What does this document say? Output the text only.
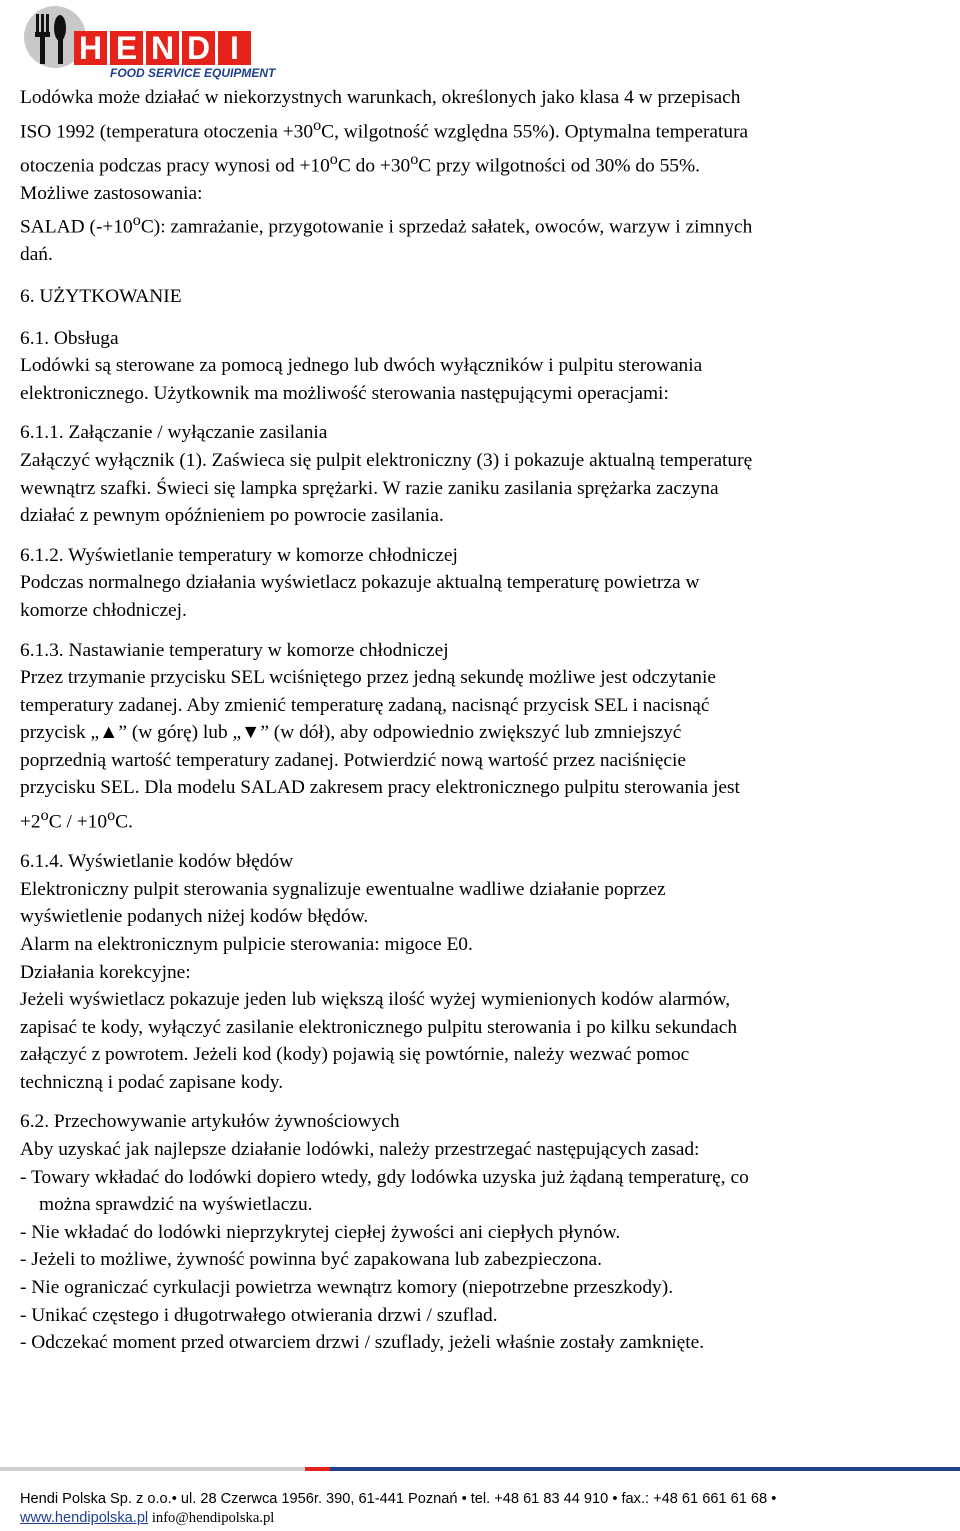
H E N D I
FOOD SERVICE EQUIPMENT

Lodówka może działać w niekorzystnych warunkach, określonych jako klasa 4 w przepisach

ISO 1992 (temperatura otoczenia $+30^oC$, wilgotność względna 55%). Optymalna temperatura

otoczenia podczas pracy wynosi od $+10^oC$ do $+30^oC$ przy wilgotności od 30% do 55%.

Możliwe zastosowania:

SALAD $(-+10^oC)$: zamrażanie, przygotowanie i sprzedaż sałatek, owoców, warzyw i zimnych

dań.

6. UŻYTKOWANIE

6.1. Obsługa

Lodówki są sterowane za pomocą jednego lub dwóch wyłączników i pulpitu sterowania

elektronicznego. Użytkownik ma możliwość sterowania następującymi operacjami:

6.1.1. Załączanie / wyłączanie zasilania

Załączyć wyłącznik (1). Zaświeca się pulpit elektroniczny (3) i pokazuje aktualną temperaturę

wewnątrz szafki. Świeci się lampka sprężarki. W razie zaniku zasilania sprężarka zaczyna

działać z pewnym opóźnieniem po powrocie zasilania.

6.1.2. Wyświetlanie temperatury w komorze chłodniczej

Podczas normalnego działania wyświetlacz pokazuje aktualną temperaturę powietrza w

komorze chłodniczej.

6.1.3. Nastawianie temperatury w komorze chłodniczej

Przez trzymanie przycisku SEL wciśniętego przez jedną sekundę możliwe jest odczytanie

temperatury zadanej. Aby zmienić temperaturę zadaną, nacisnąć przycisk SEL i nacisnąć

przycisk „▲” (w górę) lub „▼” (w dół), aby odpowiednio zwiększyć lub zmniejszyć

poprzednią wartość temperatury zadanej. Potwierdzić nową wartość przez naciśnięcie

przycisku SEL. Dla modelu SALAD zakresem pracy elektronicznego pulpitu sterowania jest

$+2^oC / +10^oC$.

6.1.4. Wyświetlanie kodów błędów

Elektroniczny pulpit sterowania sygnalizuje ewentualne wadliwe działanie poprzez

wyświetlenie podanych niżej kodów błędów.

Alarm na elektronicznym pulpicie sterowania: migoce E0.

Działania korekcyjne:

Jeżeli wyświetlacz pokazuje jeden lub większą ilość wyżej wymienionych kodów alarmów,

zapisać te kody, wyłączyć zasilanie elektronicznego pulpitu sterowania i po kilku sekundach

załączyć z powrotem. Jeżeli kod (kody) pojawią się powtórnie, należy wezwać pomoc

techniczną i podać zapisane kody.

6.2. Przechowywanie artykułów żywnościowych

Aby uzyskać jak najlepsze działanie lodówki, należy przestrzegać następujących zasad:

- Towary wkładać do lodówki dopiero wtedy, gdy lodówka uzyska już żądaną temperaturę, co

można sprawdzić na wyświetlaczu.

- Nie wkładać do lodówki nieprzykrytej ciepłej żywości ani ciepłych płynów.

- Jeżeli to możliwe, żywność powinna być zapakowana lub zabezpieczona.

- Nie ograniczać cyrkulacji powietrza wewnątrz komory (niepotrzebne przeszkody).

- Unikać częstego i długotrwałego otwierania drzwi / szuflad.

- Odczekać moment przed otwarciem drzwi / szuflady, jeżeli właśnie zostały zamknięte.

Hendi Polska Sp. z o.o.• ul. 28 Czerwca 1956r. 390, 61-441 Poznań • tel. +48 61 83 44 910 • fax.: +48 61 661 61 68 •
www.hendipolska.pl info@hendipolska.pl
